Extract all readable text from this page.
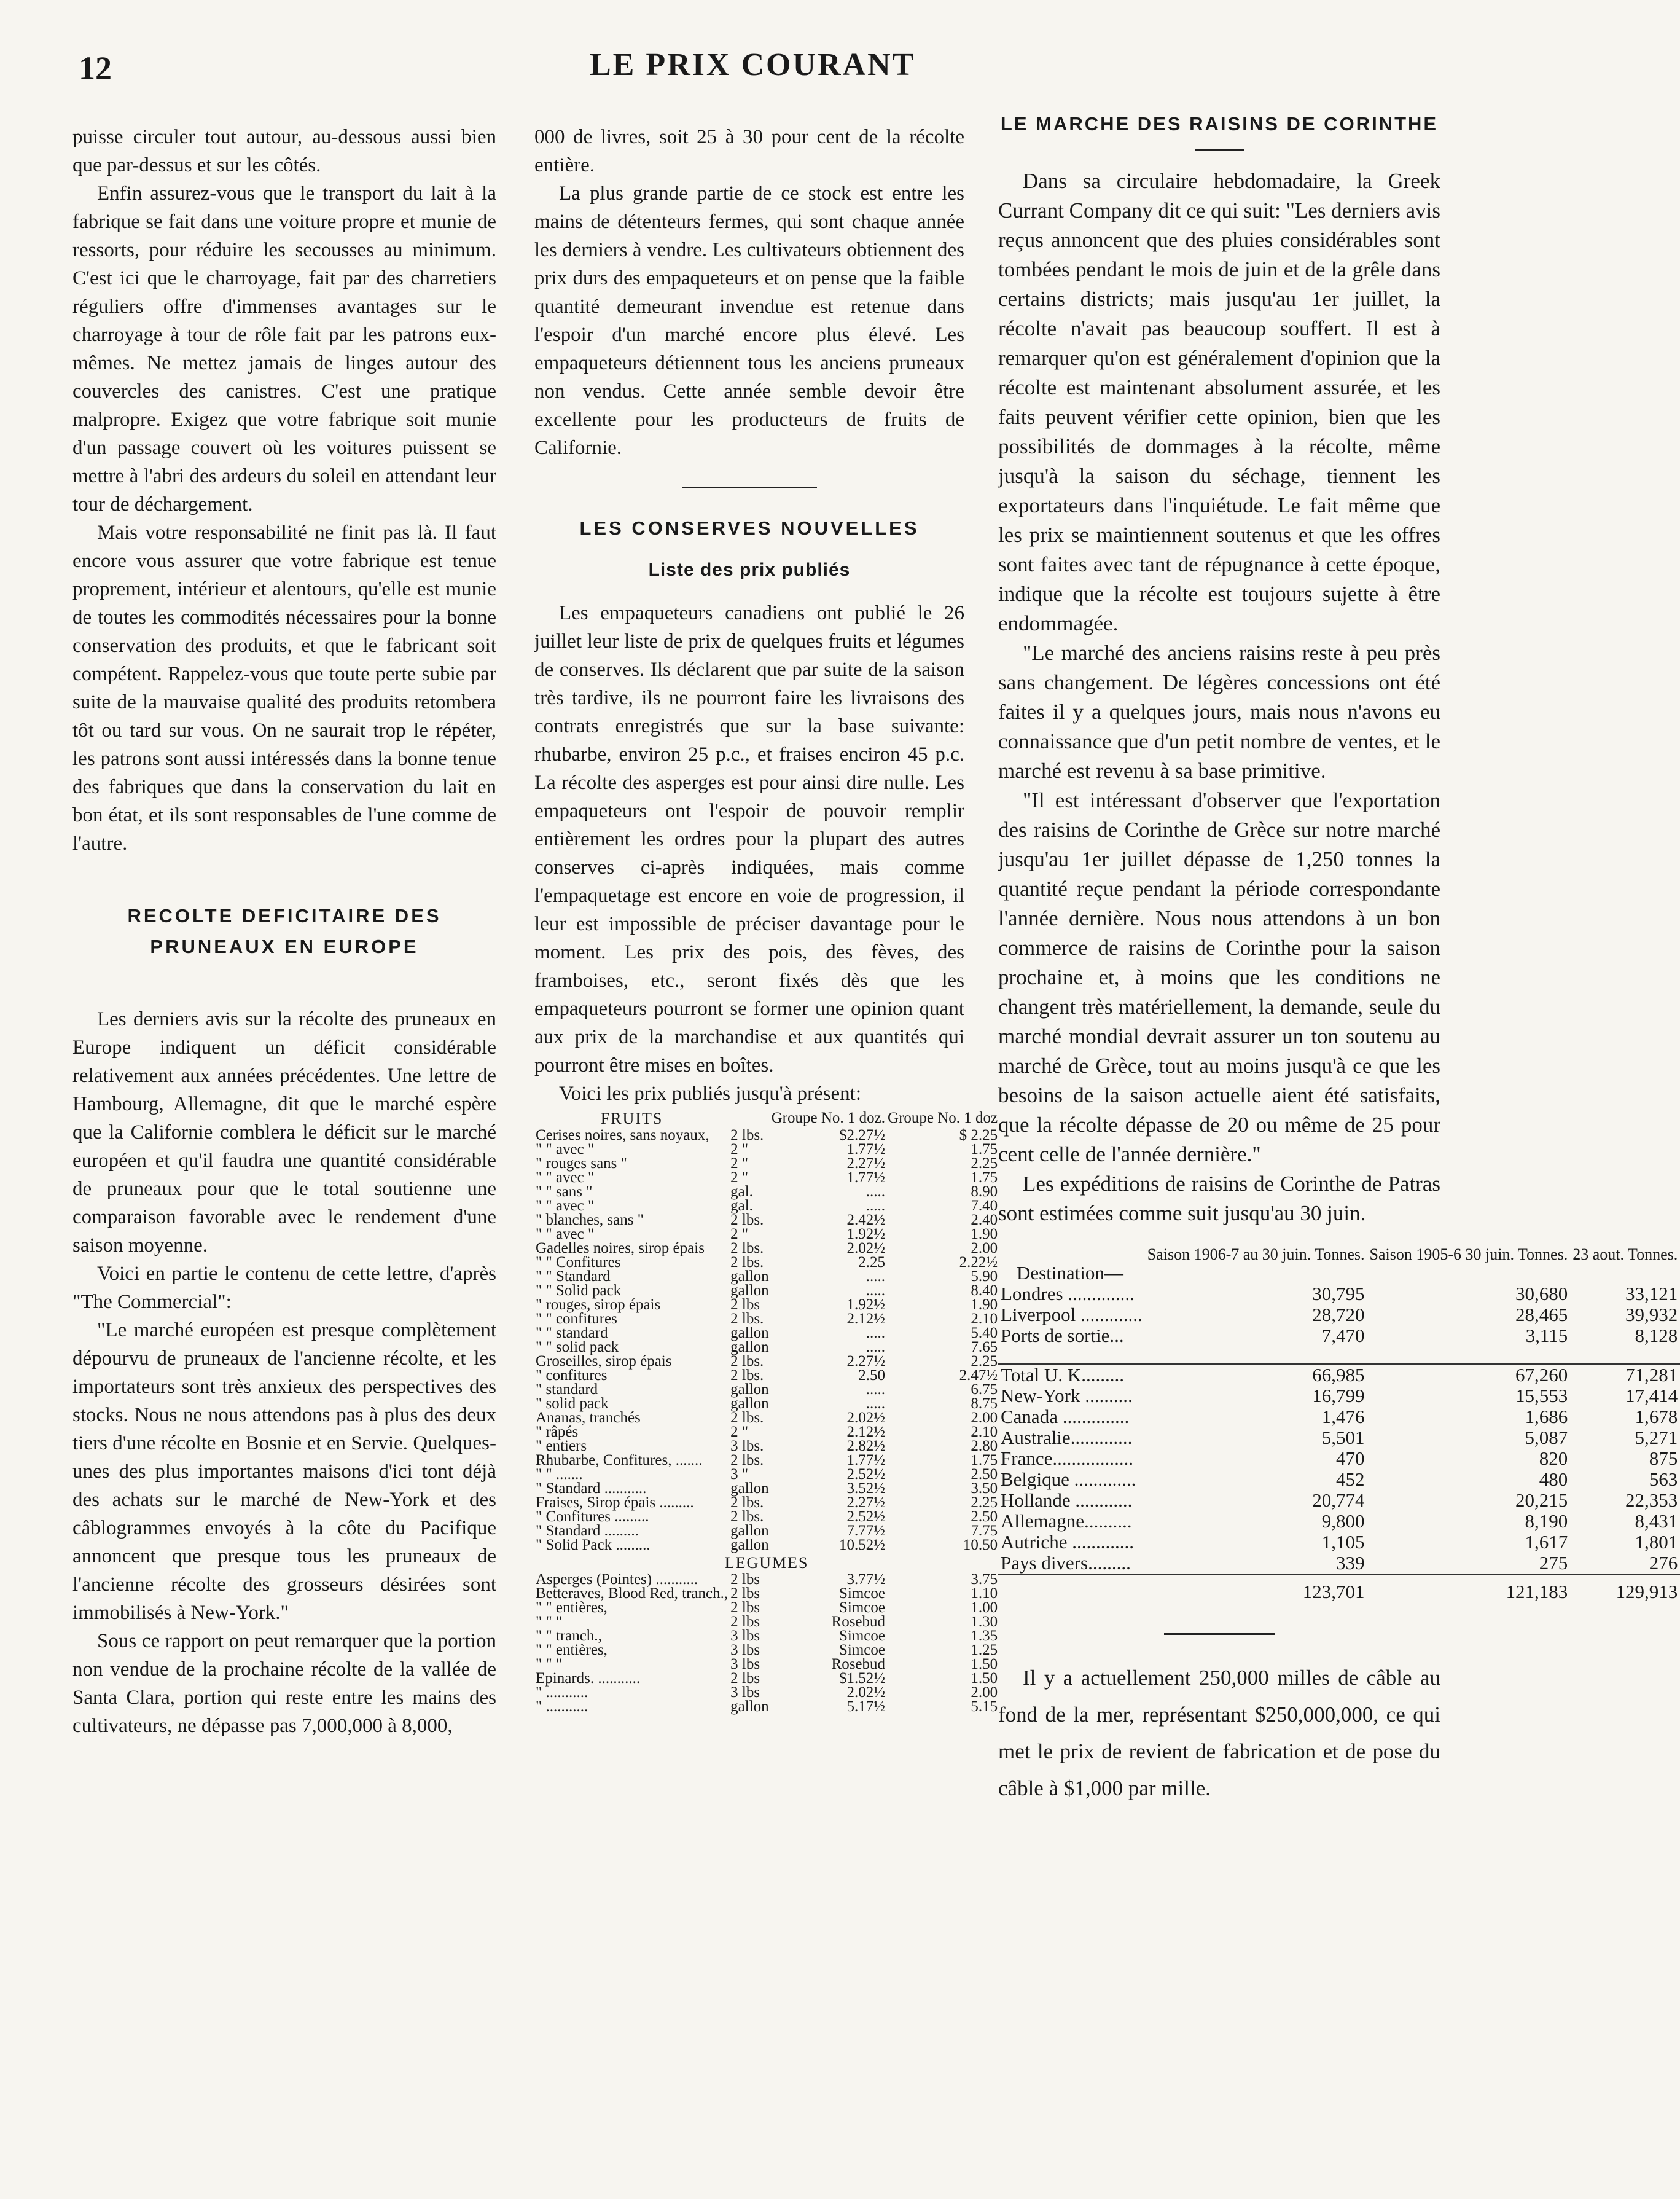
12	LE PRIX COURANT

puisse circuler tout autour, au-dessous aussi bien que par-dessus et sur les côtés.

Enfin assurez-vous que le transport du lait à la fabrique se fait dans une voiture propre et munie de ressorts, pour réduire les secousses au minimum. C'est ici que le charroyage, fait par des charretiers réguliers offre d'immenses avantages sur le charroyage à tour de rôle fait par les patrons eux-mêmes. Ne mettez jamais de linges autour des couvercles des canistres. C'est une pratique malpropre. Exigez que votre fabrique soit munie d'un passage couvert où les voitures puissent se mettre à l'abri des ardeurs du soleil en attendant leur tour de déchargement.

Mais votre responsabilité ne finit pas là. Il faut encore vous assurer que votre fabrique est tenue proprement, intérieur et alentours, qu'elle est munie de toutes les commodités nécessaires pour la bonne conservation des produits, et que le fabricant soit compétent. Rappelez-vous que toute perte subie par suite de la mauvaise qualité des produits retombera tôt ou tard sur vous. On ne saurait trop le répéter, les patrons sont aussi intéressés dans la bonne tenue des fabriques que dans la conservation du lait en bon état, et ils sont responsables de l'une comme de l'autre.

RECOLTE DEFICITAIRE DES PRUNEAUX EN EUROPE

Les derniers avis sur la récolte des pruneaux en Europe indiquent un déficit considérable relativement aux années précédentes. Une lettre de Hambourg, Allemagne, dit que le marché espère que la Californie comblera le déficit sur le marché européen et qu'il faudra une quantité considérable de pruneaux pour que le total soutienne une comparaison favorable avec le rendement d'une saison moyenne.

Voici en partie le contenu de cette lettre, d'après "The Commercial":

"Le marché européen est presque complètement dépourvu de pruneaux de l'ancienne récolte, et les importateurs sont très anxieux des perspectives des stocks. Nous ne nous attendons pas à plus des deux tiers d'une récolte en Bosnie et en Servie. Quelques-unes des plus importantes maisons d'ici tont déjà des achats sur le marché de New-York et des câblogrammes envoyés à la côte du Pacifique annoncent que presque tous les pruneaux de l'ancienne récolte des grosseurs désirées sont immobilisés à New-York."

Sous ce rapport on peut remarquer que la portion non vendue de la prochaine récolte de la vallée de Santa Clara, portion qui reste entre les mains des cultivateurs, ne dépasse pas 7,000,000 à 8,000,

000 de livres, soit 25 à 30 pour cent de la récolte entière.

La plus grande partie de ce stock est entre les mains de détenteurs fermes, qui sont chaque année les derniers à vendre. Les cultivateurs obtiennent des prix durs des empaqueteurs et on pense que la faible quantité demeurant invendue est retenue dans l'espoir d'un marché encore plus élevé. Les empaqueteurs détiennent tous les anciens pruneaux non vendus. Cette année semble devoir être excellente pour les producteurs de fruits de Californie.

LES CONSERVES NOUVELLES

Liste des prix publiés

Les empaqueteurs canadiens ont publié le 26 juillet leur liste de prix de quelques fruits et légumes de conserves. Ils déclarent que par suite de la saison très tardive, ils ne pourront faire les livraisons des contrats enregistrés que sur la base suivante: rhubarbe, environ 25 p.c., et fraises enciron 45 p.c. La récolte des asperges est pour ainsi dire nulle. Les empaqueteurs ont l'espoir de pouvoir remplir entièrement les ordres pour la plupart des autres conserves ci-après indiquées, mais comme l'empaquetage est encore en voie de progression, il leur est impossible de préciser davantage pour le moment. Les prix des pois, des fèves, des framboises, etc., seront fixés dès que les empaqueteurs pourront se former une opinion quant aux prix de la marchandise et aux quantités qui pourront être mises en boîtes.

Voici les prix publiés jusqu'à présent:

FRUITS		Groupe No. 1 doz.	Groupe No. 1 doz
Cerises noires, sans noyaux,	2 lbs.	$2.27½	$ 2.25
" " avec "	2 "	1.77½	1.75
" rouges sans "	2 "	2.27½	2.25
" " avec "	2 "	1.77½	1.75
" " sans "	gal.	.....	8.90
" " avec "	gal.	.....	7.40
" blanches, sans "	2 lbs.	2.42½	2.40
" " avec "	2 "	1.92½	1.90
Gadelles noires, sirop épais	2 lbs.	2.02½	2.00
" " Confitures	2 lbs.	2.25	2.22½
" " Standard	gallon	.....	5.90
" " Solid pack	gallon	.....	8.40
" rouges, sirop épais	2 lbs	1.92½	1.90
" " confitures	2 lbs.	2.12½	2.10
" " standard	gallon	.....	5.40
" " solid pack	gallon	.....	7.65
Groseilles, sirop épais	2 lbs.	2.27½	2.25
" confitures	2 lbs.	2.50	2.47½
" standard	gallon	.....	6.75
" solid pack	gallon	.....	8.75
Ananas, tranchés	2 lbs.	2.02½	2.00
" râpés	2 "	2.12½	2.10
" entiers	3 lbs.	2.82½	2.80
Rhubarbe, Confitures, .......	2 lbs.	1.77½	1.75
" " .......	3 "	2.52½	2.50
" Standard ...........	gallon	3.52½	3.50
Fraises, Sirop épais .........	2 lbs.	2.27½	2.25
" Confitures .........	2 lbs.	2.52½	2.50
" Standard .........	gallon	7.77½	7.75
" Solid Pack .........	gallon	10.52½	10.50
LEGUMES			
Asperges (Pointes) ...........	2 lbs	3.77½	3.75
Betteraves, Blood Red, tranch.,	2 lbs	Simcoe	1.10
" " entières,	2 lbs	Simcoe	1.00
" " "	2 lbs	Rosebud	1.30
" " tranch.,	3 lbs	Simcoe	1.35
" " entières,	3 lbs	Simcoe	1.25
" " "	3 lbs	Rosebud	1.50
Epinards. ...........	2 lbs	$1.52½	1.50
" ...........	3 lbs	2.02½	2.00
" ...........	gallon	5.17½	5.15

LE MARCHE DES RAISINS DE CORINTHE

Dans sa circulaire hebdomadaire, la Greek Currant Company dit ce qui suit: "Les derniers avis reçus annoncent que des pluies considérables sont tombées pendant le mois de juin et de la grêle dans certains districts; mais jusqu'au 1er juillet, la récolte n'avait pas beaucoup souffert. Il est à remarquer qu'on est généralement d'opinion que la récolte est maintenant absolument assurée, et les faits peuvent vérifier cette opinion, bien que les possibilités de dommages à la récolte, même jusqu'à la saison du séchage, tiennent les exportateurs dans l'inquiétude. Le fait même que les prix se maintiennent soutenus et que les offres sont faites avec tant de répugnance à cette époque, indique que la récolte est toujours sujette à être endommagée.

"Le marché des anciens raisins reste à peu près sans changement. De légères concessions ont été faites il y a quelques jours, mais nous n'avons eu connaissance que d'un petit nombre de ventes, et le marché est revenu à sa base primitive.

"Il est intéressant d'observer que l'exportation des raisins de Corinthe de Grèce sur notre marché jusqu'au 1er juillet dépasse de 1,250 tonnes la quantité reçue pendant la période correspondante l'année dernière. Nous nous attendons à un bon commerce de raisins de Corinthe pour la saison prochaine et, à moins que les conditions ne changent très matériellement, la demande, seule du marché mondial devrait assurer un ton soutenu au marché de Grèce, tout au moins jusqu'à ce que les besoins de la saison actuelle aient été satisfaits, que la récolte dépasse de 20 ou même de 25 pour cent celle de l'année dernière."

Les expéditions de raisins de Corinthe de Patras sont estimées comme suit jusqu'au 30 juin.

	Saison 1906-7 au 30 juin. Tonnes.	Saison 1905-6 30 juin. Tonnes.	23 aout. Tonnes.
Destination—			
Londres ..............	30,795	30,680	33,121
Liverpool .............	28,720	28,465	39,932
Ports de sortie...	7,470	3,115	8,128

Total U. K.........	66,985	67,260	71,281
New-York ..........	16,799	15,553	17,414
Canada ..............	1,476	1,686	1,678
Australie.............	5,501	5,087	5,271
France.................	470	820	875
Belgique .............	452	480	563
Hollande ............	20,774	20,215	22,353
Allemagne..........	9,800	8,190	8,431
Autriche .............	1,105	1,617	1,801
Pays divers.........	339	275	276
	123,701	121,183	129,913

Il y a actuellement 250,000 milles de câble au fond de la mer, représentant $250,000,000, ce qui met le prix de revient de fabrication et de pose du câble à $1,000 par mille.
